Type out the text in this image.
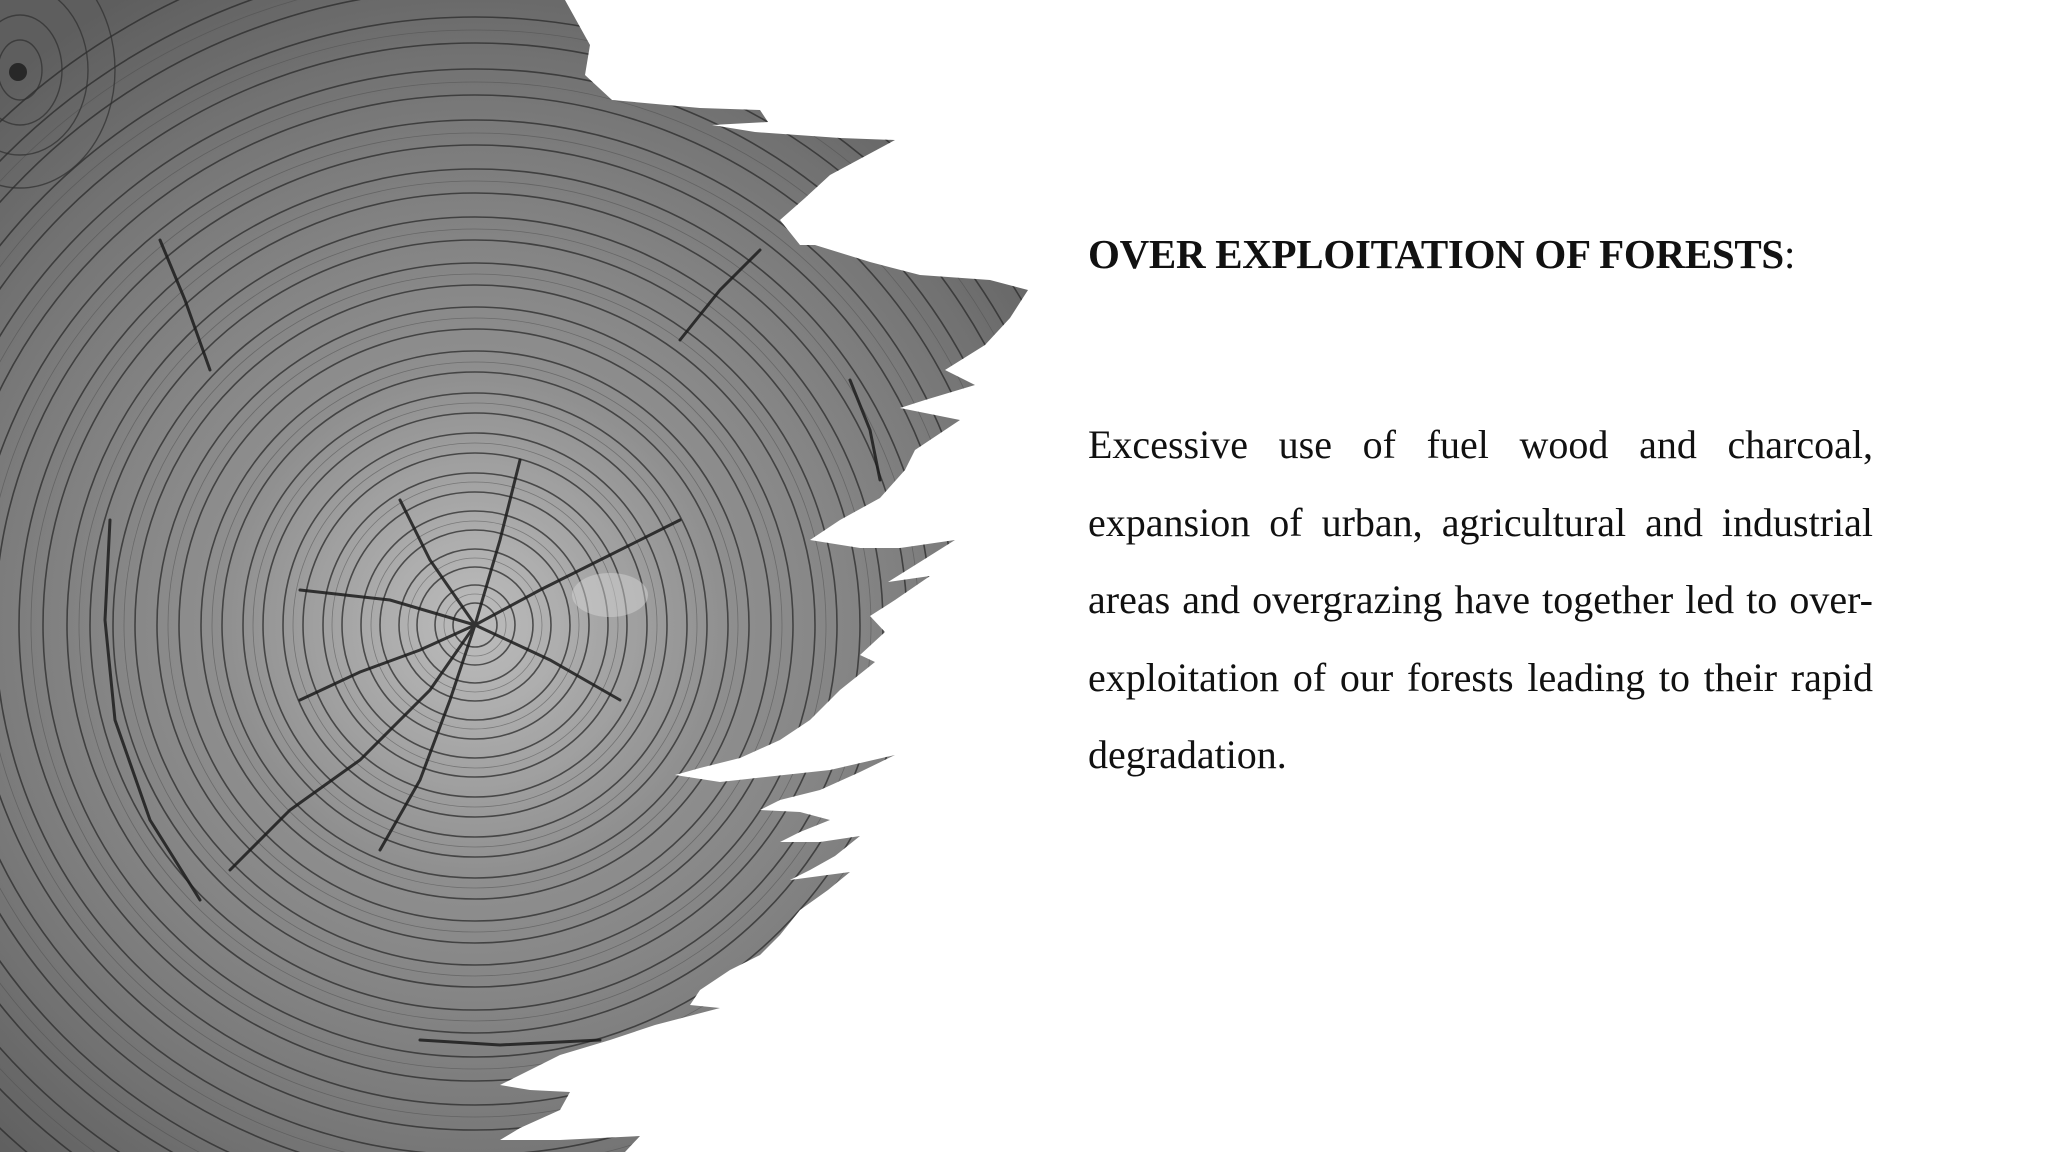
OVER EXPLOITATION OF FORESTS:

Excessive use of fuel wood and charcoal, expansion of urban, agricultural and industrial areas and overgrazing have together led to over-exploitation of our forests leading to their rapid degradation.
